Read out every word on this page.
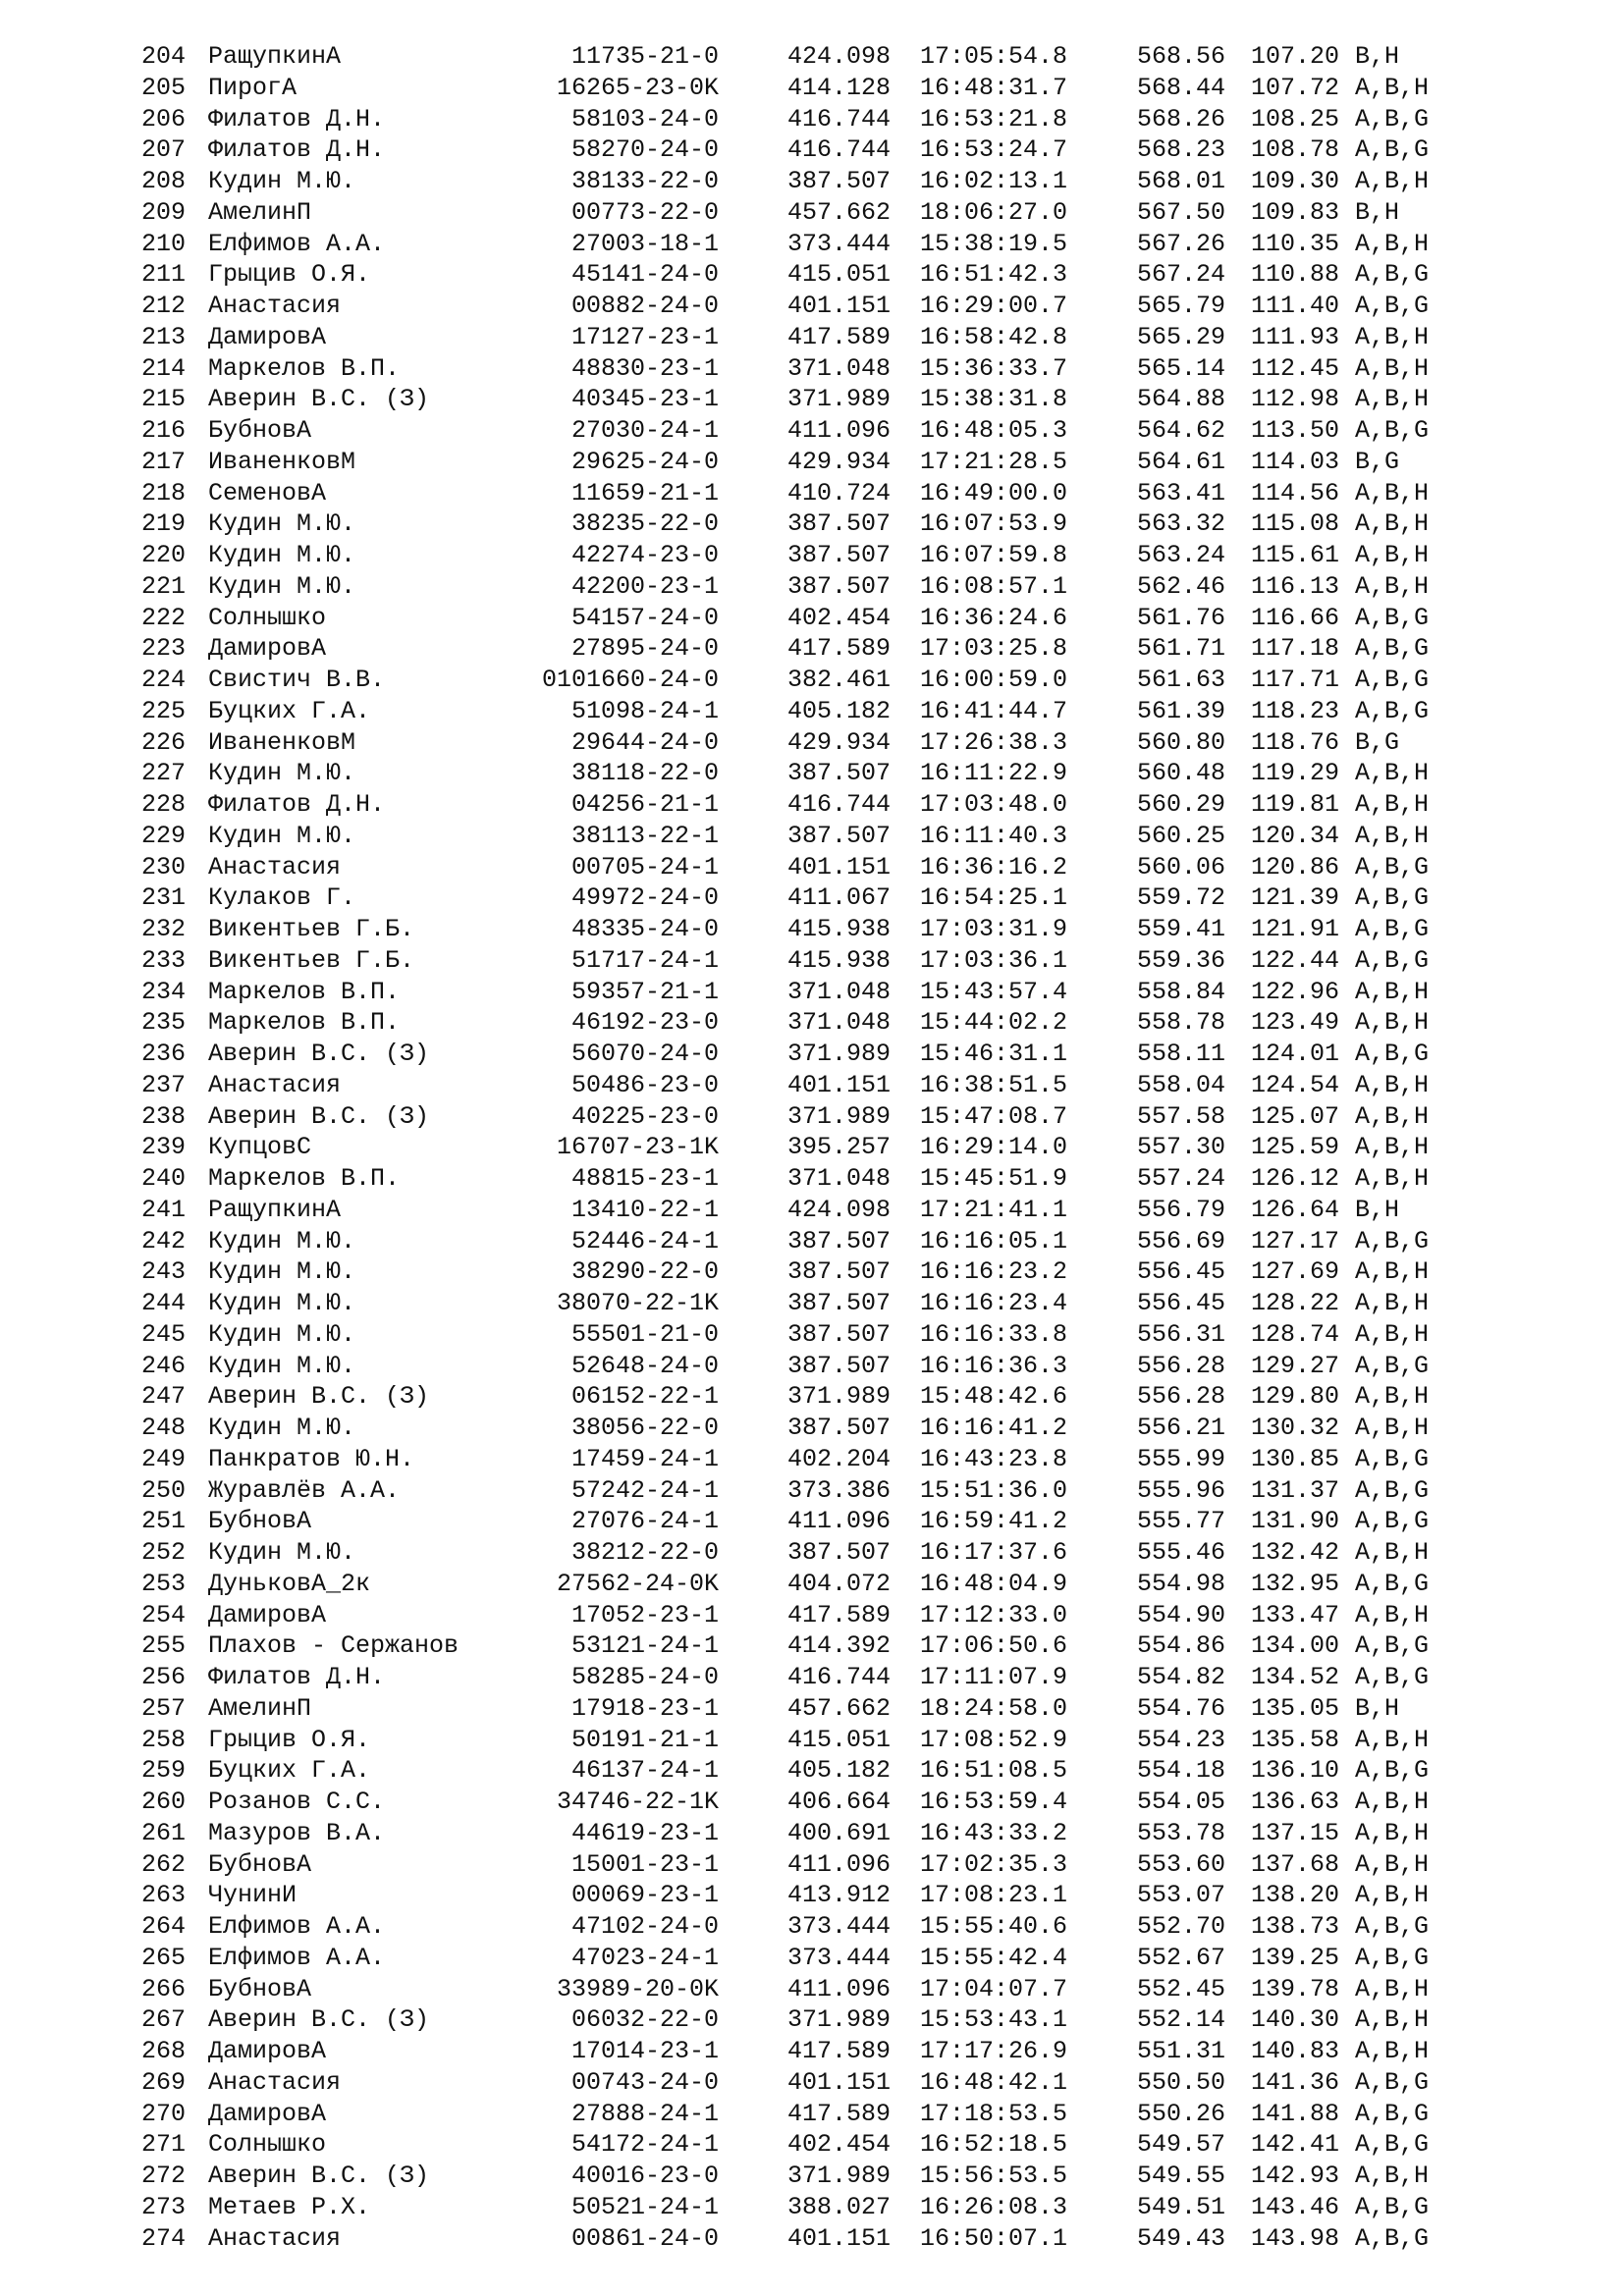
204 РащупкинА	11735-21-0	424.098 17:05:54.8	568.56 107.20 B,H
205 ПирогА	16265-23-0K	414.128 16:48:31.7	568.44 107.72 A,B,H
206 Филатов Д.Н.	58103-24-0	416.744 16:53:21.8	568.26 108.25 A,B,G
207 Филатов Д.Н.	58270-24-0	416.744 16:53:24.7	568.23 108.78 A,B,G
208 Кудин М.Ю.	38133-22-0	387.507 16:02:13.1	568.01 109.30 A,B,H
209 АмелинП	00773-22-0	457.662 18:06:27.0	567.50 109.83 B,H
210 Елфимов А.А.	27003-18-1	373.444 15:38:19.5	567.26 110.35 A,B,H
211 Грыцив О.Я.	45141-24-0	415.051 16:51:42.3	567.24 110.88 A,B,G
212 Анастасия	00882-24-0	401.151 16:29:00.7	565.79 111.40 A,B,G
213 ДамировА	17127-23-1	417.589 16:58:42.8	565.29 111.93 A,B,H
214 Маркелов В.П.	48830-23-1	371.048 15:36:33.7	565.14 112.45 A,B,H
215 Аверин В.С. (З)	40345-23-1	371.989 15:38:31.8	564.88 112.98 A,B,H
216 БубновА	27030-24-1	411.096 16:48:05.3	564.62 113.50 A,B,G
217 ИваненковМ	29625-24-0	429.934 17:21:28.5	564.61 114.03 B,G
218 СеменовА	11659-21-1	410.724 16:49:00.0	563.41 114.56 A,B,H
219 Кудин М.Ю.	38235-22-0	387.507 16:07:53.9	563.32 115.08 A,B,H
220 Кудин М.Ю.	42274-23-0	387.507 16:07:59.8	563.24 115.61 A,B,H
221 Кудин М.Ю.	42200-23-1	387.507 16:08:57.1	562.46 116.13 A,B,H
222 Солнышко	54157-24-0	402.454 16:36:24.6	561.76 116.66 A,B,G
223 ДамировА	27895-24-0	417.589 17:03:25.8	561.71 117.18 A,B,G
224 Свистич В.В.	0101660-24-0	382.461 16:00:59.0	561.63 117.71 A,B,G
225 Буцких Г.А.	51098-24-1	405.182 16:41:44.7	561.39 118.23 A,B,G
226 ИваненковМ	29644-24-0	429.934 17:26:38.3	560.80 118.76 B,G
227 Кудин М.Ю.	38118-22-0	387.507 16:11:22.9	560.48 119.29 A,B,H
228 Филатов Д.Н.	04256-21-1	416.744 17:03:48.0	560.29 119.81 A,B,H
229 Кудин М.Ю.	38113-22-1	387.507 16:11:40.3	560.25 120.34 A,B,H
230 Анастасия	00705-24-1	401.151 16:36:16.2	560.06 120.86 A,B,G
231 Кулаков Г.	49972-24-0	411.067 16:54:25.1	559.72 121.39 A,B,G
232 Викентьев Г.Б.	48335-24-0	415.938 17:03:31.9	559.41 121.91 A,B,G
233 Викентьев Г.Б.	51717-24-1	415.938 17:03:36.1	559.36 122.44 A,B,G
234 Маркелов В.П.	59357-21-1	371.048 15:43:57.4	558.84 122.96 A,B,H
235 Маркелов В.П.	46192-23-0	371.048 15:44:02.2	558.78 123.49 A,B,H
236 Аверин В.С. (З)	56070-24-0	371.989 15:46:31.1	558.11 124.01 A,B,G
237 Анастасия	50486-23-0	401.151 16:38:51.5	558.04 124.54 A,B,H
238 Аверин В.С. (З)	40225-23-0	371.989 15:47:08.7	557.58 125.07 A,B,H
239 КупцовС	16707-23-1K	395.257 16:29:14.0	557.30 125.59 A,B,H
240 Маркелов В.П.	48815-23-1	371.048 15:45:51.9	557.24 126.12 A,B,H
241 РащупкинА	13410-22-1	424.098 17:21:41.1	556.79 126.64 B,H
242 Кудин М.Ю.	52446-24-1	387.507 16:16:05.1	556.69 127.17 A,B,G
243 Кудин М.Ю.	38290-22-0	387.507 16:16:23.2	556.45 127.69 A,B,H
244 Кудин М.Ю.	38070-22-1K	387.507 16:16:23.4	556.45 128.22 A,B,H
245 Кудин М.Ю.	55501-21-0	387.507 16:16:33.8	556.31 128.74 A,B,H
246 Кудин М.Ю.	52648-24-0	387.507 16:16:36.3	556.28 129.27 A,B,G
247 Аверин В.С. (З)	06152-22-1	371.989 15:48:42.6	556.28 129.80 A,B,H
248 Кудин М.Ю.	38056-22-0	387.507 16:16:41.2	556.21 130.32 A,B,H
249 Панкратов Ю.Н.	17459-24-1	402.204 16:43:23.8	555.99 130.85 A,B,G
250 Журавлёв А.А.	57242-24-1	373.386 15:51:36.0	555.96 131.37 A,B,G
251 БубновА	27076-24-1	411.096 16:59:41.2	555.77 131.90 A,B,G
252 Кудин М.Ю.	38212-22-0	387.507 16:17:37.6	555.46 132.42 A,B,H
253 ДуньковА_2к	27562-24-0K	404.072 16:48:04.9	554.98 132.95 A,B,G
254 ДамировА	17052-23-1	417.589 17:12:33.0	554.90 133.47 A,B,H
255 Плахов - Сержанов	53121-24-1	414.392 17:06:50.6	554.86 134.00 A,B,G
256 Филатов Д.Н.	58285-24-0	416.744 17:11:07.9	554.82 134.52 A,B,G
257 АмелинП	17918-23-1	457.662 18:24:58.0	554.76 135.05 B,H
258 Грыцив О.Я.	50191-21-1	415.051 17:08:52.9	554.23 135.58 A,B,H
259 Буцких Г.А.	46137-24-1	405.182 16:51:08.5	554.18 136.10 A,B,G
260 Розанов С.С.	34746-22-1K	406.664 16:53:59.4	554.05 136.63 A,B,H
261 Мазуров В.А.	44619-23-1	400.691 16:43:33.2	553.78 137.15 A,B,H
262 БубновА	15001-23-1	411.096 17:02:35.3	553.60 137.68 A,B,H
263 ЧунинИ	00069-23-1	413.912 17:08:23.1	553.07 138.20 A,B,H
264 Елфимов А.А.	47102-24-0	373.444 15:55:40.6	552.70 138.73 A,B,G
265 Елфимов А.А.	47023-24-1	373.444 15:55:42.4	552.67 139.25 A,B,G
266 БубновА	33989-20-0K	411.096 17:04:07.7	552.45 139.78 A,B,H
267 Аверин В.С. (З)	06032-22-0	371.989 15:53:43.1	552.14 140.30 A,B,H
268 ДамировА	17014-23-1	417.589 17:17:26.9	551.31 140.83 A,B,H
269 Анастасия	00743-24-0	401.151 16:48:42.1	550.50 141.36 A,B,G
270 ДамировА	27888-24-1	417.589 17:18:53.5	550.26 141.88 A,B,G
271 Солнышко	54172-24-1	402.454 16:52:18.5	549.57 142.41 A,B,G
272 Аверин В.С. (З)	40016-23-0	371.989 15:56:53.5	549.55 142.93 A,B,H
273 Метаев Р.Х.	50521-24-1	388.027 16:26:08.3	549.51 143.46 A,B,G
274 Анастасия	00861-24-0	401.151 16:50:07.1	549.43 143.98 A,B,G
